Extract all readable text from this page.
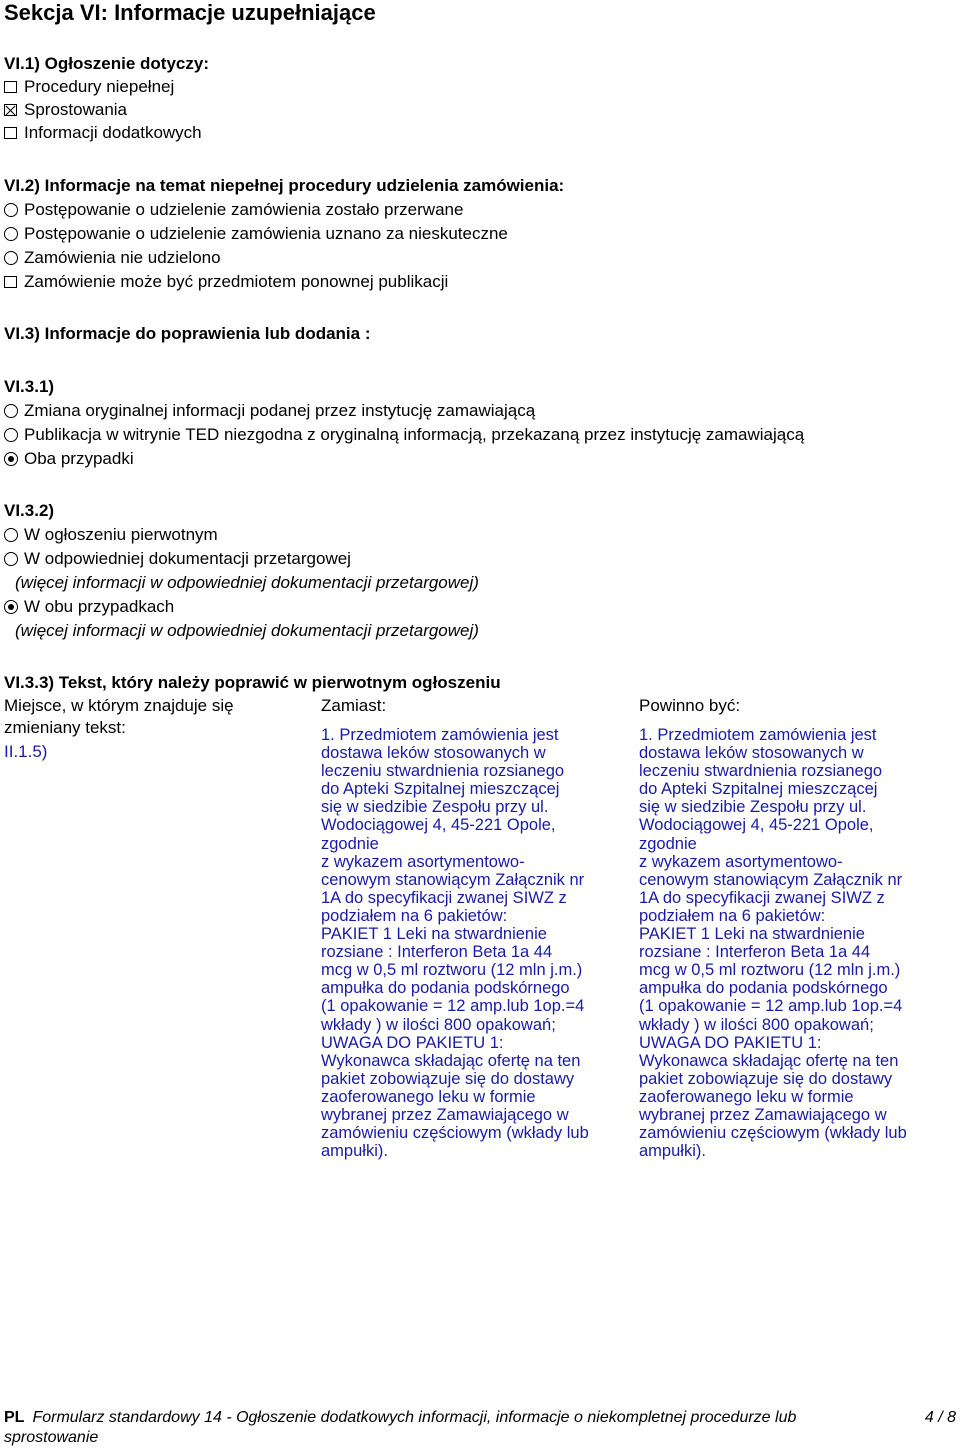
Sekcja VI: Informacje uzupełniające
VI.1) Ogłoszenie dotyczy:
Procedury niepełnej
Sprostowania
Informacji dodatkowych
VI.2) Informacje na temat niepełnej procedury udzielenia zamówienia:
Postępowanie o udzielenie zamówienia zostało przerwane
Postępowanie o udzielenie zamówienia uznano za nieskuteczne
Zamówienia nie udzielono
Zamówienie może być przedmiotem ponownej publikacji
VI.3) Informacje do poprawienia lub dodania :
VI.3.1)
Zmiana oryginalnej informacji podanej przez instytucję zamawiającą
Publikacja w witrynie TED niezgodna z oryginalną informacją, przekazaną przez instytucję zamawiającą
Oba przypadki
VI.3.2)
W ogłoszeniu pierwotnym
W odpowiedniej dokumentacji przetargowej
(więcej informacji w odpowiedniej dokumentacji przetargowej)
W obu przypadkach
(więcej informacji w odpowiedniej dokumentacji przetargowej)
VI.3.3) Tekst, który należy poprawić w pierwotnym ogłoszeniu
Miejsce, w którym znajduje się zmieniany tekst:
II.1.5)
Zamiast:	Powinno być:
1. Przedmiotem zamówienia jest
dostawa leków stosowanych w
leczeniu stwardnienia rozsianego
do Apteki Szpitalnej mieszczącej
się w siedzibie Zespołu przy ul.
Wodociągowej 4, 45-221 Opole,
zgodnie
z wykazem asortymentowo-
cenowym stanowiącym Załącznik nr
1A do specyfikacji zwanej SIWZ z
podziałem na 6 pakietów:
PAKIET 1 Leki na stwardnienie
rozsiane : Interferon Beta 1a 44
mcg w 0,5 ml roztworu (12 mln j.m.)
ampułka do podania podskórnego
(1 opakowanie = 12 amp.lub 1op.=4
wkłady ) w ilości 800 opakowań;
UWAGA DO PAKIETU 1:
Wykonawca składając ofertę na ten
pakiet zobowiązuje się do dostawy
zaoferowanego leku w formie
wybranej przez Zamawiającego w
zamówieniu częściowym (wkłady lub
ampułki).
1. Przedmiotem zamówienia jest
dostawa leków stosowanych w
leczeniu stwardnienia rozsianego
do Apteki Szpitalnej mieszczącej
się w siedzibie Zespołu przy ul.
Wodociągowej 4, 45-221 Opole,
zgodnie
z wykazem asortymentowo-
cenowym stanowiącym Załącznik nr
1A do specyfikacji zwanej SIWZ z
podziałem na 6 pakietów:
PAKIET 1 Leki na stwardnienie
rozsiane : Interferon Beta 1a 44
mcg w 0,5 ml roztworu (12 mln j.m.)
ampułka do podania podskórnego
(1 opakowanie = 12 amp.lub 1op.=4
wkłady ) w ilości 800 opakowań;
UWAGA DO PAKIETU 1:
Wykonawca składając ofertę na ten
pakiet zobowiązuje się do dostawy
zaoferowanego leku w formie
wybranej przez Zamawiającego w
zamówieniu częściowym (wkłady lub
ampułki).
PL Formularz standardowy 14 - Ogłoszenie dodatkowych informacji, informacje o niekompletnej procedurze lub sprostowanie
4 / 8
